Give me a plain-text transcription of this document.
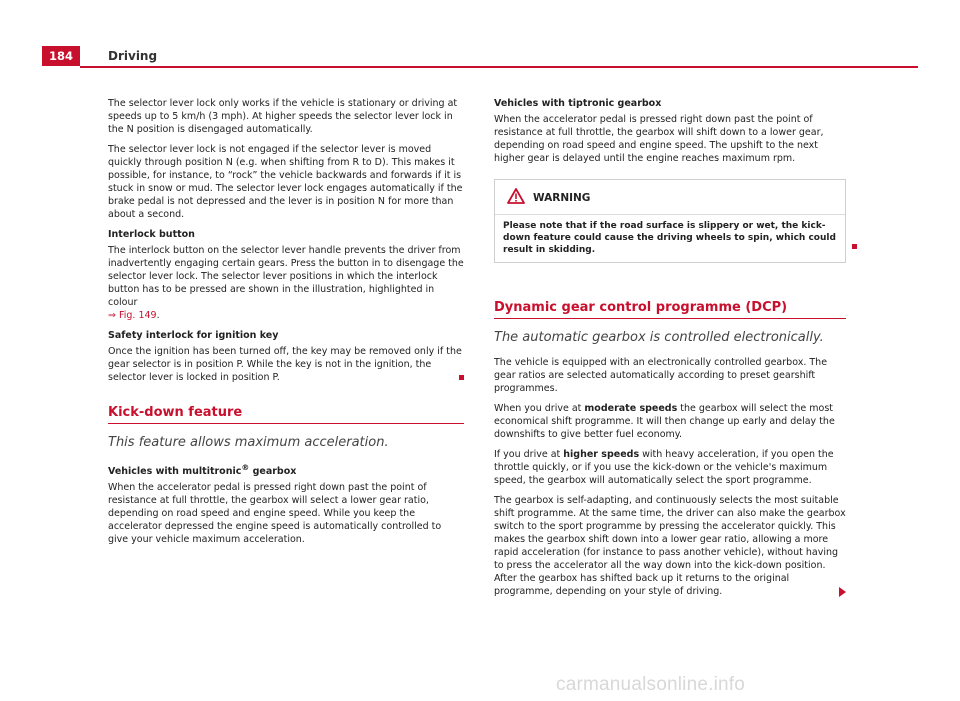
184	Driving

The selector lever lock only works if the vehicle is stationary or driving at speeds up to 5 km/h (3 mph). At higher speeds the selector lever lock in the N position is disengaged automatically.

The selector lever lock is not engaged if the selector lever is moved quickly through position N (e.g. when shifting from R to D). This makes it possible, for instance, to “rock” the vehicle backwards and forwards if it is stuck in snow or mud. The selector lever lock engages automatically if the brake pedal is not depressed and the lever is in position N for more than about a second.

Interlock button

The interlock button on the selector lever handle prevents the driver from inadvertently engaging certain gears. Press the button in to disengage the selector lever lock. The selector lever positions in which the interlock button has to be pressed are shown in the illustration, highlighted in colour
⇒ Fig. 149.

Safety interlock for ignition key

Once the ignition has been turned off, the key may be removed only if the gear selector is in position P. While the key is not in the ignition, the selector lever is locked in position P.

Kick-down feature

This feature allows maximum acceleration.

Vehicles with multitronic® gearbox

When the accelerator pedal is pressed right down past the point of resistance at full throttle, the gearbox will select a lower gear ratio, depending on road speed and engine speed. While you keep the accelerator depressed the engine speed is automatically controlled to give your vehicle maximum acceleration.

Vehicles with tiptronic gearbox

When the accelerator pedal is pressed right down past the point of resistance at full throttle, the gearbox will shift down to a lower gear, depending on road speed and engine speed. The upshift to the next higher gear is delayed until the engine reaches maximum rpm.

WARNING
Please note that if the road surface is slippery or wet, the kick-down feature could cause the driving wheels to spin, which could result in skidding.
Dynamic gear control programme (DCP)

The automatic gearbox is controlled electronically.

The vehicle is equipped with an electronically controlled gearbox. The gear ratios are selected automatically according to preset gearshift programmes.

When you drive at moderate speeds the gearbox will select the most economical shift programme. It will then change up early and delay the downshifts to give better fuel economy.

If you drive at higher speeds with heavy acceleration, if you open the throttle quickly, or if you use the kick-down or the vehicle's maximum speed, the gearbox will automatically select the sport programme.

The gearbox is self-adapting, and continuously selects the most suitable shift programme. At the same time, the driver can also make the gearbox switch to the sport programme by pressing the accelerator quickly. This makes the gearbox shift down into a lower gear ratio, allowing a more rapid acceleration (for instance to pass another vehicle), without having to press the accelerator all the way down into the kick-down position. After the gearbox has shifted back up it returns to the original programme, depending on your style of driving.

carmanualsonline.info
